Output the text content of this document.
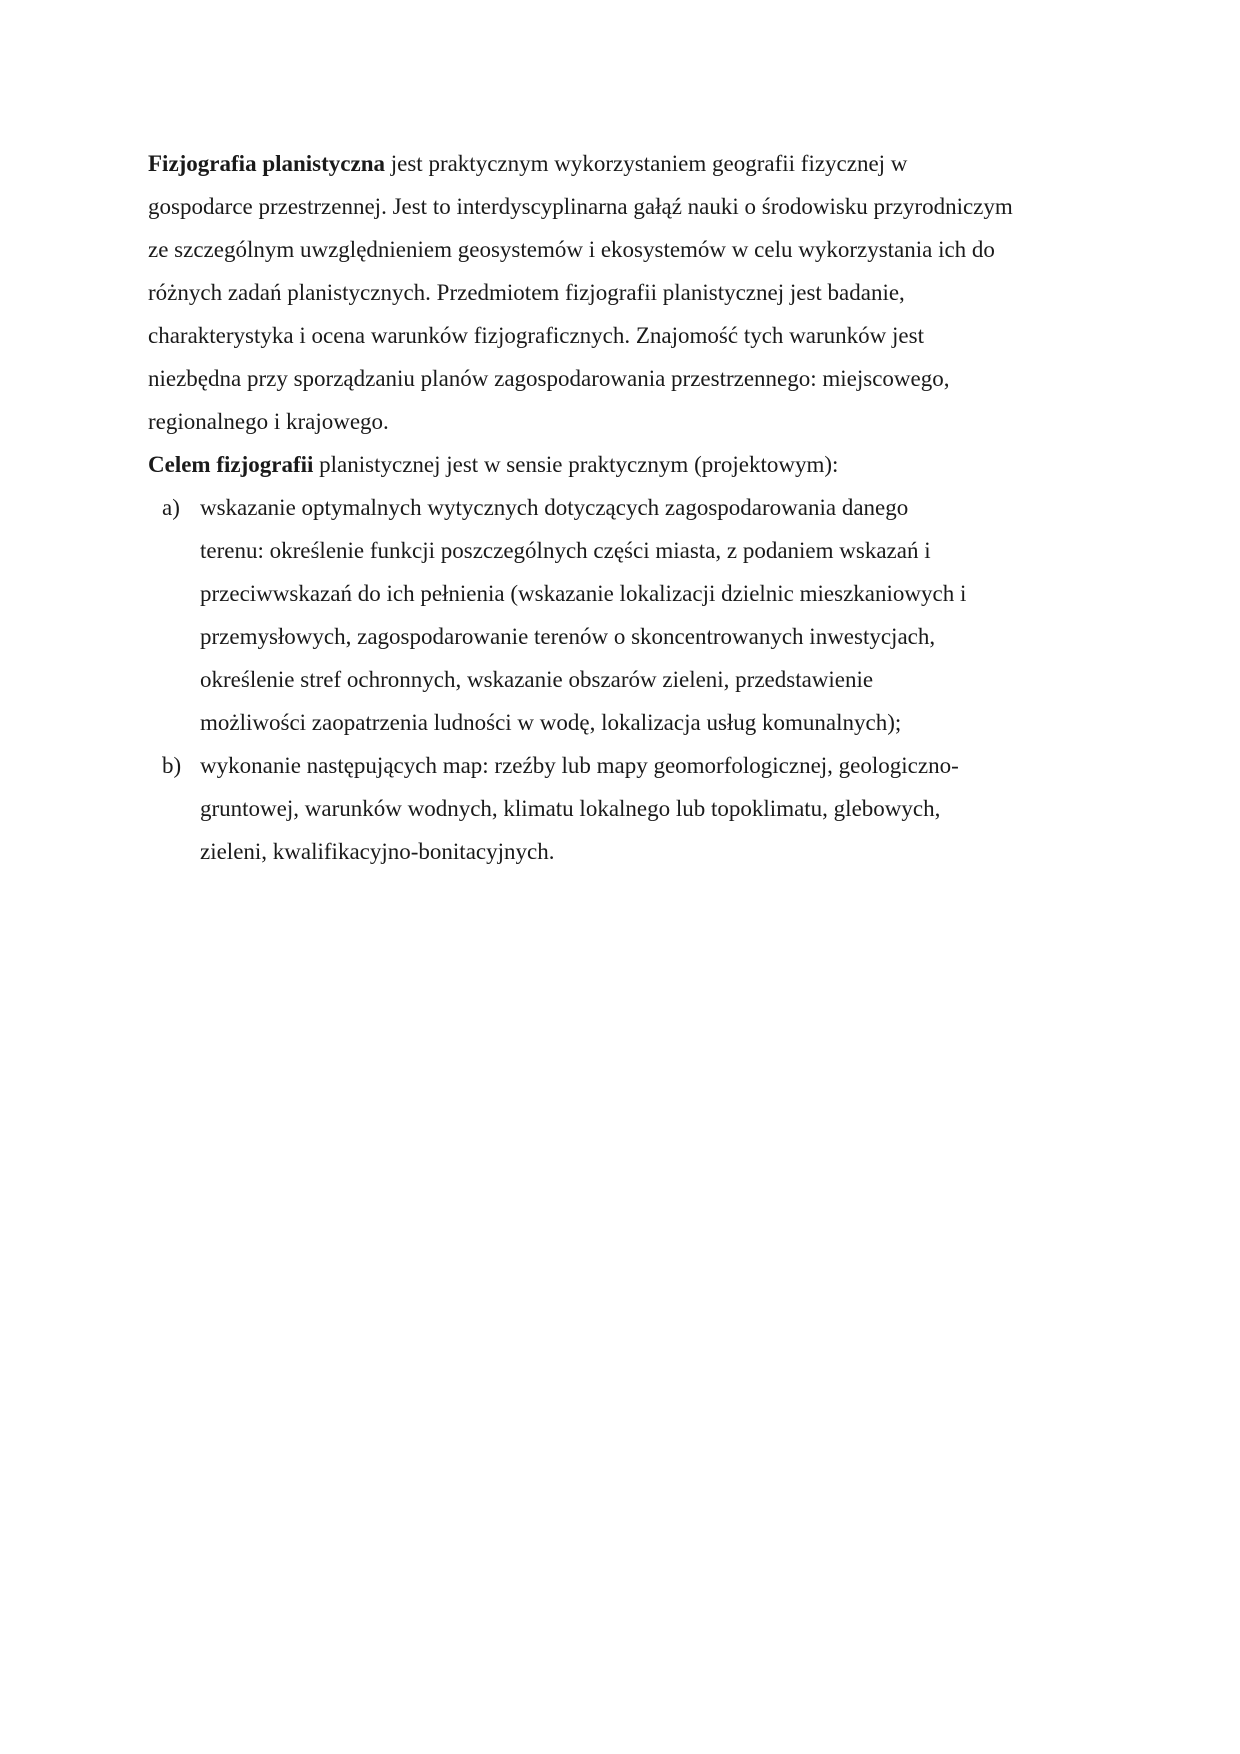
Fizjografia planistyczna jest praktycznym wykorzystaniem geografii fizycznej w
gospodarce przestrzennej. Jest to interdyscyplinarna gałąź nauki o środowisku przyrodniczym
ze szczególnym uwzględnieniem geosystemów i ekosystemów w celu wykorzystania ich do
różnych zadań planistycznych. Przedmiotem fizjografii planistycznej jest badanie,
charakterystyka i ocena warunków fizjograficznych. Znajomość tych warunków jest
niezbędna przy sporządzaniu planów zagospodarowania przestrzennego: miejscowego,
regionalnego i krajowego.

Celem fizjografii planistycznej jest w sensie praktycznym (projektowym):

a) wskazanie optymalnych wytycznych dotyczących zagospodarowania danego
terenu: określenie funkcji poszczególnych części miasta, z podaniem wskazań i
przeciwwskazań do ich pełnienia (wskazanie lokalizacji dzielnic mieszkaniowych i
przemysłowych, zagospodarowanie terenów o skoncentrowanych inwestycjach,
określenie stref ochronnych, wskazanie obszarów zieleni, przedstawienie
możliwości zaopatrzenia ludności w wodę, lokalizacja usług komunalnych);
b) wykonanie następujących map: rzeźby lub mapy geomorfologicznej, geologiczno-
gruntowej, warunków wodnych, klimatu lokalnego lub topoklimatu, glebowych,
zieleni, kwalifikacyjno-bonitacyjnych.
